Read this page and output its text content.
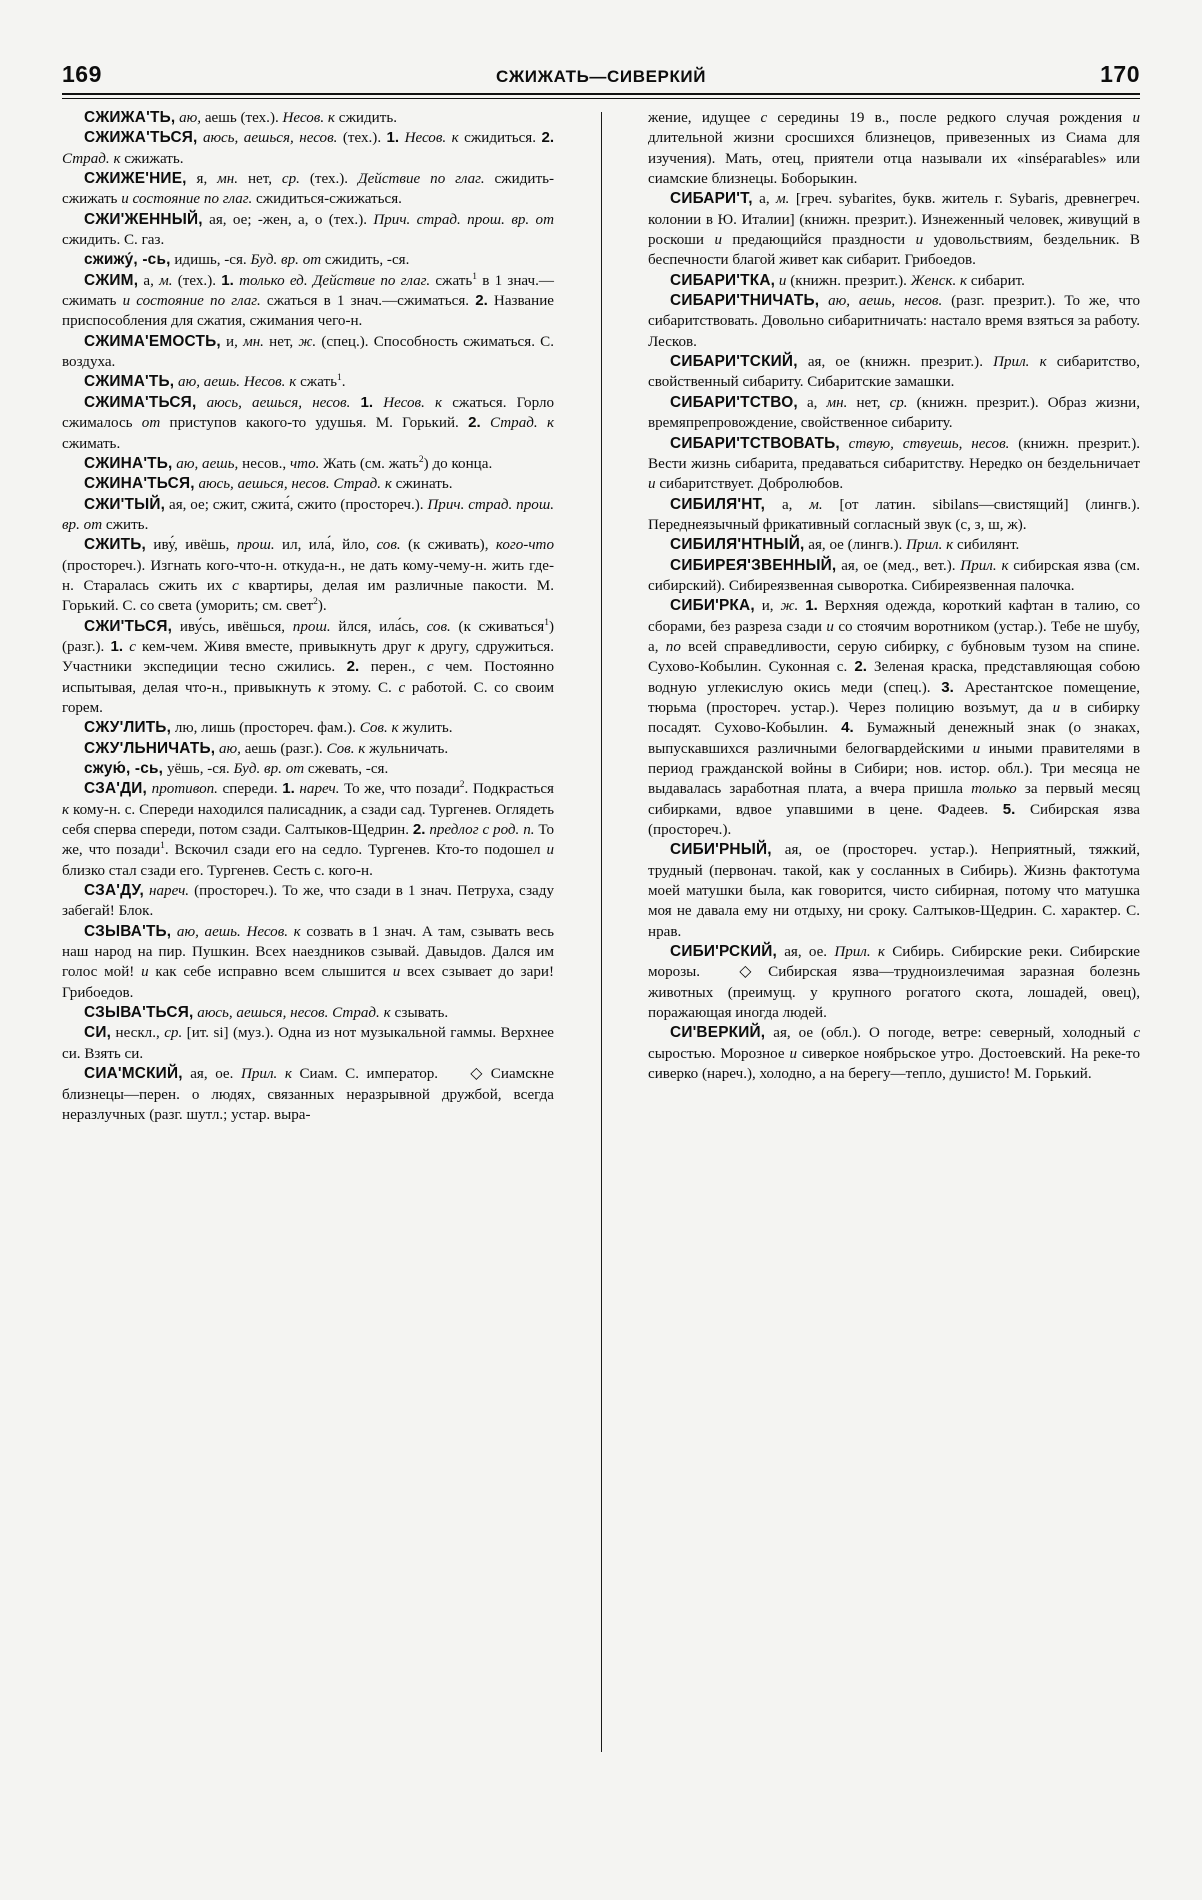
169	СЖИЖАТЬ—СИВЕРКИЙ	170

СЖИЖА'ТЬ, аю, аешь (тех.). Несов. к сжидить.

СЖИЖА'ТЬСЯ, аюсь, аешься, несов. (тех.). 1. Несов. к сжидиться. 2. Страд. к сжижать.

СЖИЖЕ'НИЕ, я, мн. нет, ср. (тех.). Действие по глаг. сжидить-сжижать и состояние по глаг. сжидиться-сжижаться.

СЖИ'ЖЕННЫЙ, ая, ое; -жен, а, о (тех.). Прич. страд. прош. вр. от сжидить. С. газ.

сжижу́, -сь, идишь, -ся. Буд. вр. от сжидить, -ся.

СЖИМ, а, м. (тех.). 1. только ед. Действие по глаг. сжать$^1$ в 1 знач.—сжимать и состояние по глаг. сжаться в 1 знач.—сжиматься. 2. Название приспособления для сжатия, сжимания чего-н.

СЖИМА'ЕМОСТЬ, и, мн. нет, ж. (спец.). Способность сжиматься. С. воздуха.

СЖИМА'ТЬ, аю, аешь. Несов. к сжать$^1$.

СЖИМА'ТЬСЯ, аюсь, аешься, несов. 1. Несов. к сжаться. Горло сжималось от приступов какого-то удушья. М. Горький. 2. Страд. к сжимать.

СЖИНА'ТЬ, аю, аешь, несов., что. Жать (см. жать$^2$) до конца.

СЖИНА'ТЬСЯ, аюсь, аешься, несов. Страд. к сжинать.

СЖИ'ТЫЙ, ая, ое; сжит, сжита́, сжито (простореч.). Прич. страд. прош. вр. от сжить.

СЖИТЬ, иву́, ивёшь, прош. ил, ила́, йло, сов. (к сживать), кого-что (простореч.). Изгнать кого-что-н. откуда-н., не дать кому-чему-н. жить где-н. Старалась сжить их с квартиры, делая им различные пакости. М. Горький. С. со света (уморить; см. свет$^2$).

СЖИ'ТЬСЯ, иву́сь, ивёшься, прош. йлся, ила́сь, сов. (к сживаться$^1$) (разг.). 1. с кем-чем. Живя вместе, привыкнуть друг к другу, сдружиться. Участники экспедиции тесно сжились. 2. перен., с чем. Постоянно испытывая, делая что-н., привыкнуть к этому. С. с работой. С. со своим горем.

СЖУ'ЛИТЬ, лю, лишь (простореч. фам.). Сов. к жулить.

СЖУ'ЛЬНИЧАТЬ, аю, аешь (разг.). Сов. к жульничать.

сжую́, -сь, уёшь, -ся. Буд. вр. от сжевать, -ся.

СЗА'ДИ, противоп. спереди. 1. нареч. То же, что позади$^2$. Подкрасться к кому-н. с. Спереди находился палисадник, а сзади сад. Тургенев. Оглядеть себя сперва спереди, потом сзади. Салтыков-Щедрин. 2. предлог с род. п. То же, что позади$^1$. Вскочил сзади его на седло. Тургенев. Кто-то подошел и близко стал сзади его. Тургенев. Сесть с. кого-н.

СЗА'ДУ, нареч. (простореч.). То же, что сзади в 1 знач. Петруха, сзаду забегай! Блок.

СЗЫВА'ТЬ, аю, аешь. Несов. к созвать в 1 знач. А там, сзывать весь наш народ на пир. Пушкин. Всех наездников сзывай. Давыдов. Дался им голос мой! и как себе исправно всем слышится и всех сзывает до зари! Грибоедов.

СЗЫВА'ТЬСЯ, аюсь, аешься, несов. Страд. к сзывать.

СИ, нескл., ср. [ит. si] (муз.). Одна из нот музыкальной гаммы. Верхнее си. Взять си.

СИА'МСКИЙ, ая, ое. Прил. к Сиам. С. император. ◇ Сиамскне близнецы—перен. о людях, связанных неразрывной дружбой, всегда неразлучных (разг. шутл.; устар. выра-

жение, идущее с середины 19 в., после редкого случая рождения и длительной жизни сросшихся близнецов, привезенных из Сиама для изучения). Мать, отец, приятели отца называли их «inséparables» или сиамские близнецы. Боборыкин.

СИБАРИ'Т, а, м. [греч. sybarites, букв. житель г. Sybaris, древнегреч. колонии в Ю. Италии] (книжн. презрит.). Изнеженный человек, живущий в роскоши и предающийся праздности и удовольствиям, бездельник. В беспечности благой живет как сибарит. Грибоедов.

СИБАРИ'ТКА, и (книжн. презрит.). Женск. к сибарит.

СИБАРИ'ТНИЧАТЬ, аю, аешь, несов. (разг. презрит.). То же, что сибаритствовать. Довольно сибаритничать: настало время взяться за работу. Лесков.

СИБАРИ'ТСКИЙ, ая, ое (книжн. презрит.). Прил. к сибаритство, свойственный сибариту. Сибаритские замашки.

СИБАРИ'ТСТВО, а, мн. нет, ср. (книжн. презрит.). Образ жизни, времяпрепровождение, свойственное сибариту.

СИБАРИ'ТСТВОВАТЬ, ствую, ствуешь, несов. (книжн. презрит.). Вести жизнь сибарита, предаваться сибаритству. Нередко он бездельничает и сибаритствует. Добролюбов.

СИБИЛЯ'НТ, а, м. [от латин. sibilans—свистящий] (лингв.). Переднеязычный фрикативный согласный звук (с, з, ш, ж).

СИБИЛЯ'НТНЫЙ, ая, ое (лингв.). Прил. к сибилянт.

СИБИРЕЯ'ЗВЕННЫЙ, ая, ое (мед., вет.). Прил. к сибирская язва (см. сибирский). Сибиреязвенная сыворотка. Сибиреязвенная палочка.

СИБИ'РКА, и, ж. 1. Верхняя одежда, короткий кафтан в талию, со сборами, без разреза сзади и со стоячим воротником (устар.). Тебе не шубу, а, по всей справедливости, серую сибирку, с бубновым тузом на спине. Сухово-Кобылин. Суконная с. 2. Зеленая краска, представляющая собою водную углекислую окись меди (спец.). 3. Арестантское помещение, тюрьма (простореч. устар.). Через полицию возъмут, да и в сибирку посадят. Сухово-Кобылин. 4. Бумажный денежный знак (о знаках, выпускавшихся различными белогвардейскими и иными правителями в период гражданской войны в Сибири; нов. истор. обл.). Три месяца не выдавалась заработная плата, а вчера пришла только за первый месяц сибирками, вдвое упавшими в цене. Фадеев. 5. Сибирская язва (простореч.).

СИБИ'РНЫЙ, ая, ое (простореч. устар.). Неприятный, тяжкий, трудный (первонач. такой, как у сосланных в Сибирь). Жизнь фактотума моей матушки была, как говорится, чисто сибирная, потому что матушка моя не давала ему ни отдыху, ни сроку. Салтыков-Щедрин. С. характер. С. нрав.

СИБИ'РСКИЙ, ая, ое. Прил. к Сибирь. Сибирские реки. Сибирские морозы. ◇ Сибирская язва—трудноизлечимая заразная болезнь животных (преимущ. у крупного рогатого скота, лошадей, овец), поражающая иногда людей.

СИ'ВЕРКИЙ, ая, ое (обл.). О погоде, ветре: северный, холодный с сыростью. Морозное и сиверкое ноябрьское утро. Достоевский. На реке-то сиверко (нареч.), холодно, а на берегу—тепло, душисто! М. Горький.
